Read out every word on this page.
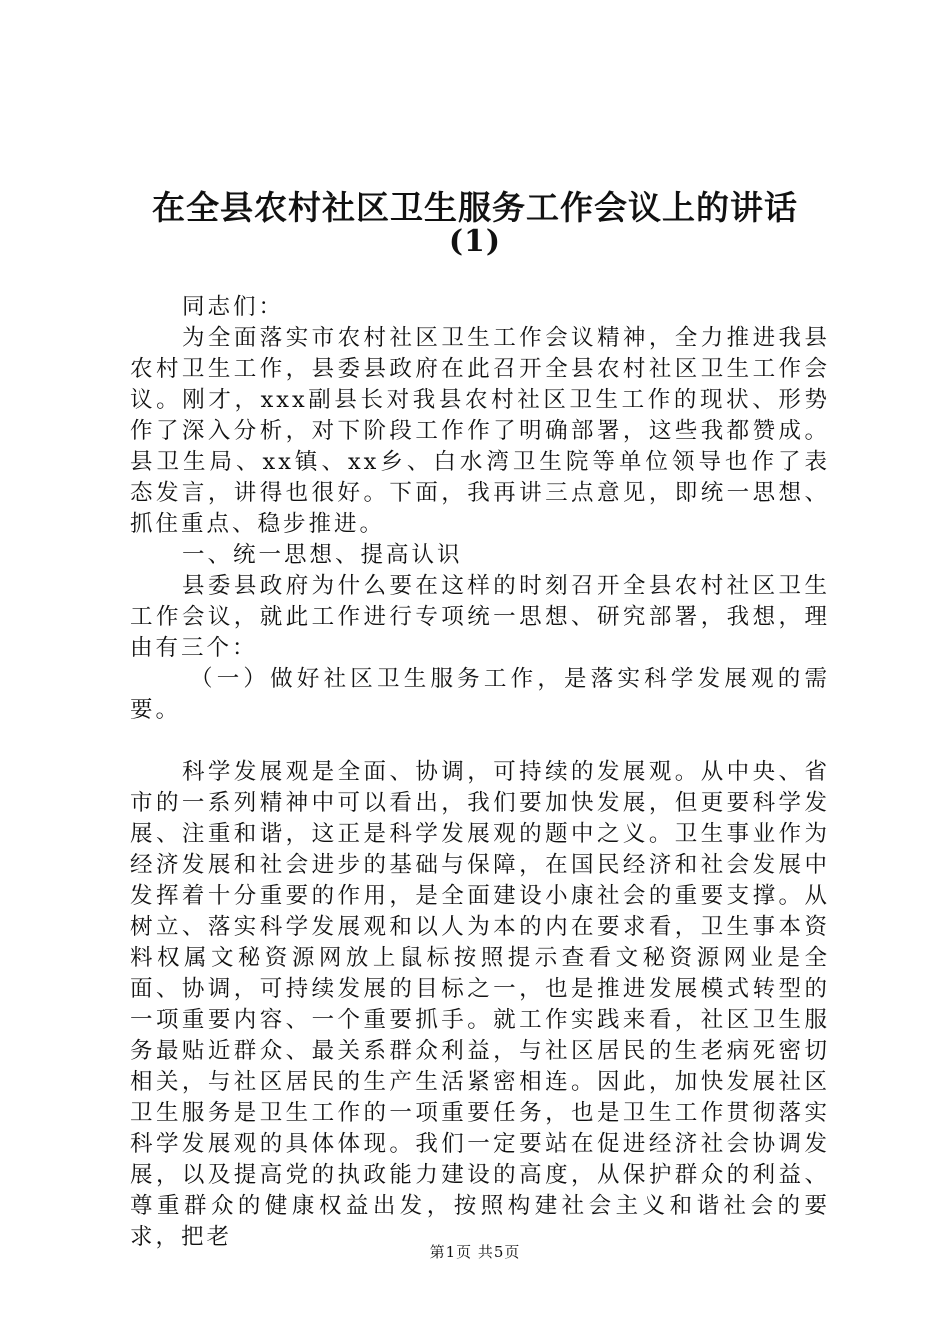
在全县农村社区卫生服务工作会议上的讲话
(1)

同志们：

为全面落实市农村社区卫生工作会议精神，全力推进我县农村卫生工作，县委县政府在此召开全县农村社区卫生工作会议。刚才，xxx副县长对我县农村社区卫生工作的现状、形势作了深入分析，对下阶段工作作了明确部署，这些我都赞成。县卫生局、xx镇、xx乡、白水湾卫生院等单位领导也作了表态发言，讲得也很好。下面，我再讲三点意见，即统一思想、抓住重点、稳步推进。

一、统一思想、提高认识

县委县政府为什么要在这样的时刻召开全县农村社区卫生工作会议，就此工作进行专项统一思想、研究部署，我想，理由有三个：

（一）做好社区卫生服务工作，是落实科学发展观的需要。

科学发展观是全面、协调，可持续的发展观。从中央、省市的一系列精神中可以看出，我们要加快发展，但更要科学发展、注重和谐，这正是科学发展观的题中之义。卫生事业作为经济发展和社会进步的基础与保障，在国民经济和社会发展中发挥着十分重要的作用，是全面建设小康社会的重要支撑。从树立、落实科学发展观和以人为本的内在要求看，卫生事本资料权属文秘资源网放上鼠标按照提示查看文秘资源网业是全面、协调，可持续发展的目标之一，也是推进发展模式转型的一项重要内容、一个重要抓手。就工作实践来看，社区卫生服务最贴近群众、最关系群众利益，与社区居民的生老病死密切相关，与社区居民的生产生活紧密相连。因此，加快发展社区卫生服务是卫生工作的一项重要任务，也是卫生工作贯彻落实科学发展观的具体体现。我们一定要站在促进经济社会协调发展，以及提高党的执政能力建设的高度，从保护群众的利益、尊重群众的健康权益出发，按照构建社会主义和谐社会的要求，把老

第1页 共5页
